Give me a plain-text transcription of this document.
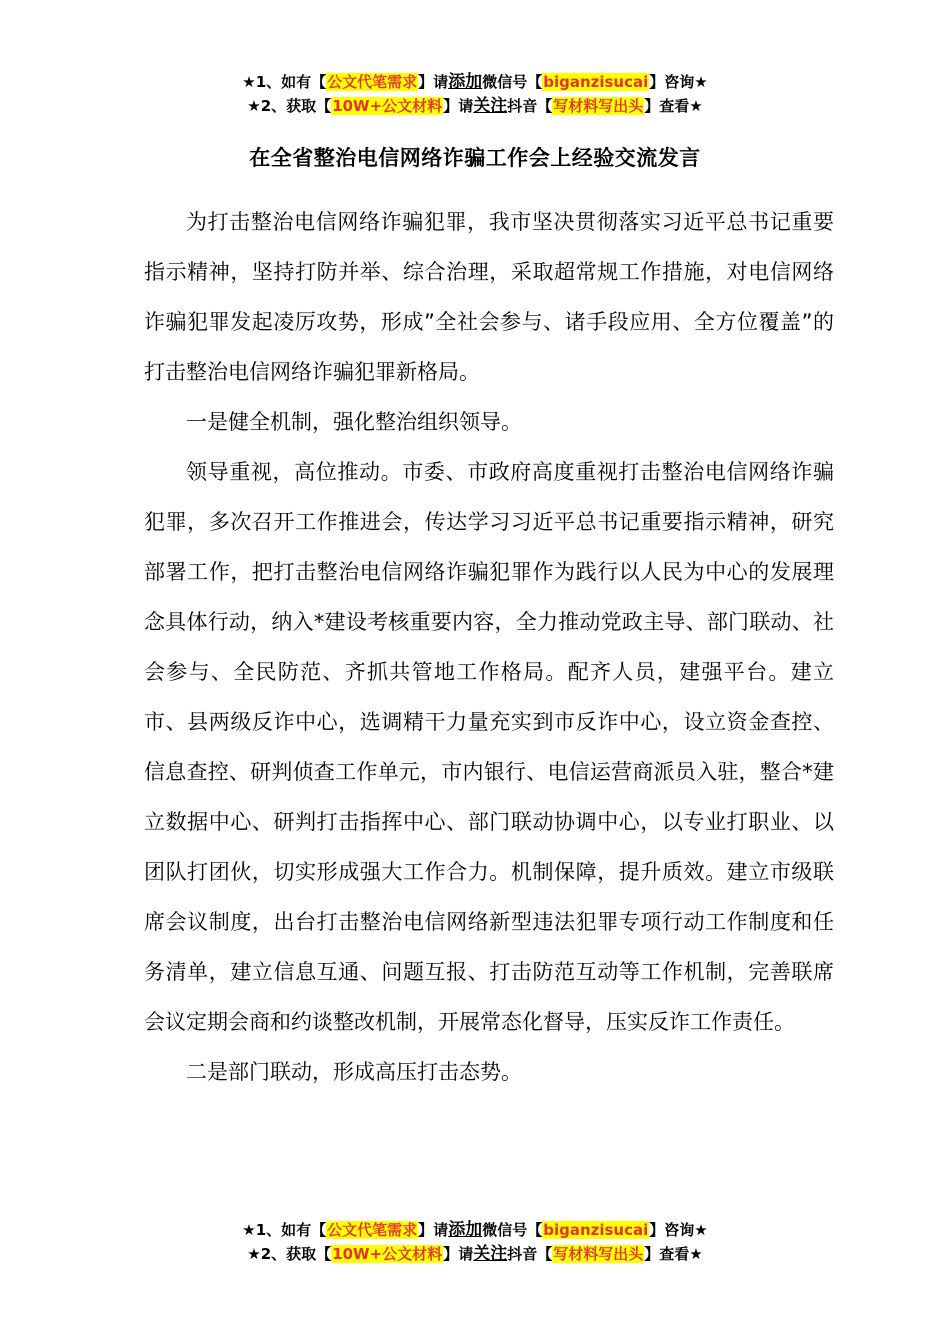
★1、如有【公文代笔需求】请添加微信号【biganzisucai】咨询★
★2、获取【10W+公文材料】请关注抖音【写材料写出头】查看★
在全省整治电信网络诈骗工作会上经验交流发言

为打击整治电信网络诈骗犯罪，我市坚决贯彻落实习近平总书记重要指示精神，坚持打防并举、综合治理，采取超常规工作措施，对电信网络诈骗犯罪发起凌厉攻势，形成”全社会参与、诸手段应用、全方位覆盖”的打击整治电信网络诈骗犯罪新格局。

一是健全机制，强化整治组织领导。

领导重视，高位推动。市委、市政府高度重视打击整治电信网络诈骗犯罪，多次召开工作推进会，传达学习习近平总书记重要指示精神，研究部署工作，把打击整治电信网络诈骗犯罪作为践行以人民为中心的发展理念具体行动，纳入*建设考核重要内容，全力推动党政主导、部门联动、社会参与、全民防范、齐抓共管地工作格局。配齐人员，建强平台。建立市、县两级反诈中心，选调精干力量充实到市反诈中心，设立资金查控、信息查控、研判侦查工作单元，市内银行、电信运营商派员入驻，整合*建立数据中心、研判打击指挥中心、部门联动协调中心，以专业打职业、以团队打团伙，切实形成强大工作合力。机制保障，提升质效。建立市级联席会议制度，出台打击整治电信网络新型违法犯罪专项行动工作制度和任务清单，建立信息互通、问题互报、打击防范互动等工作机制，完善联席会议定期会商和约谈整改机制，开展常态化督导，压实反诈工作责任。

二是部门联动，形成高压打击态势。

★1、如有【公文代笔需求】请添加微信号【biganzisucai】咨询★
★2、获取【10W+公文材料】请关注抖音【写材料写出头】查看★
